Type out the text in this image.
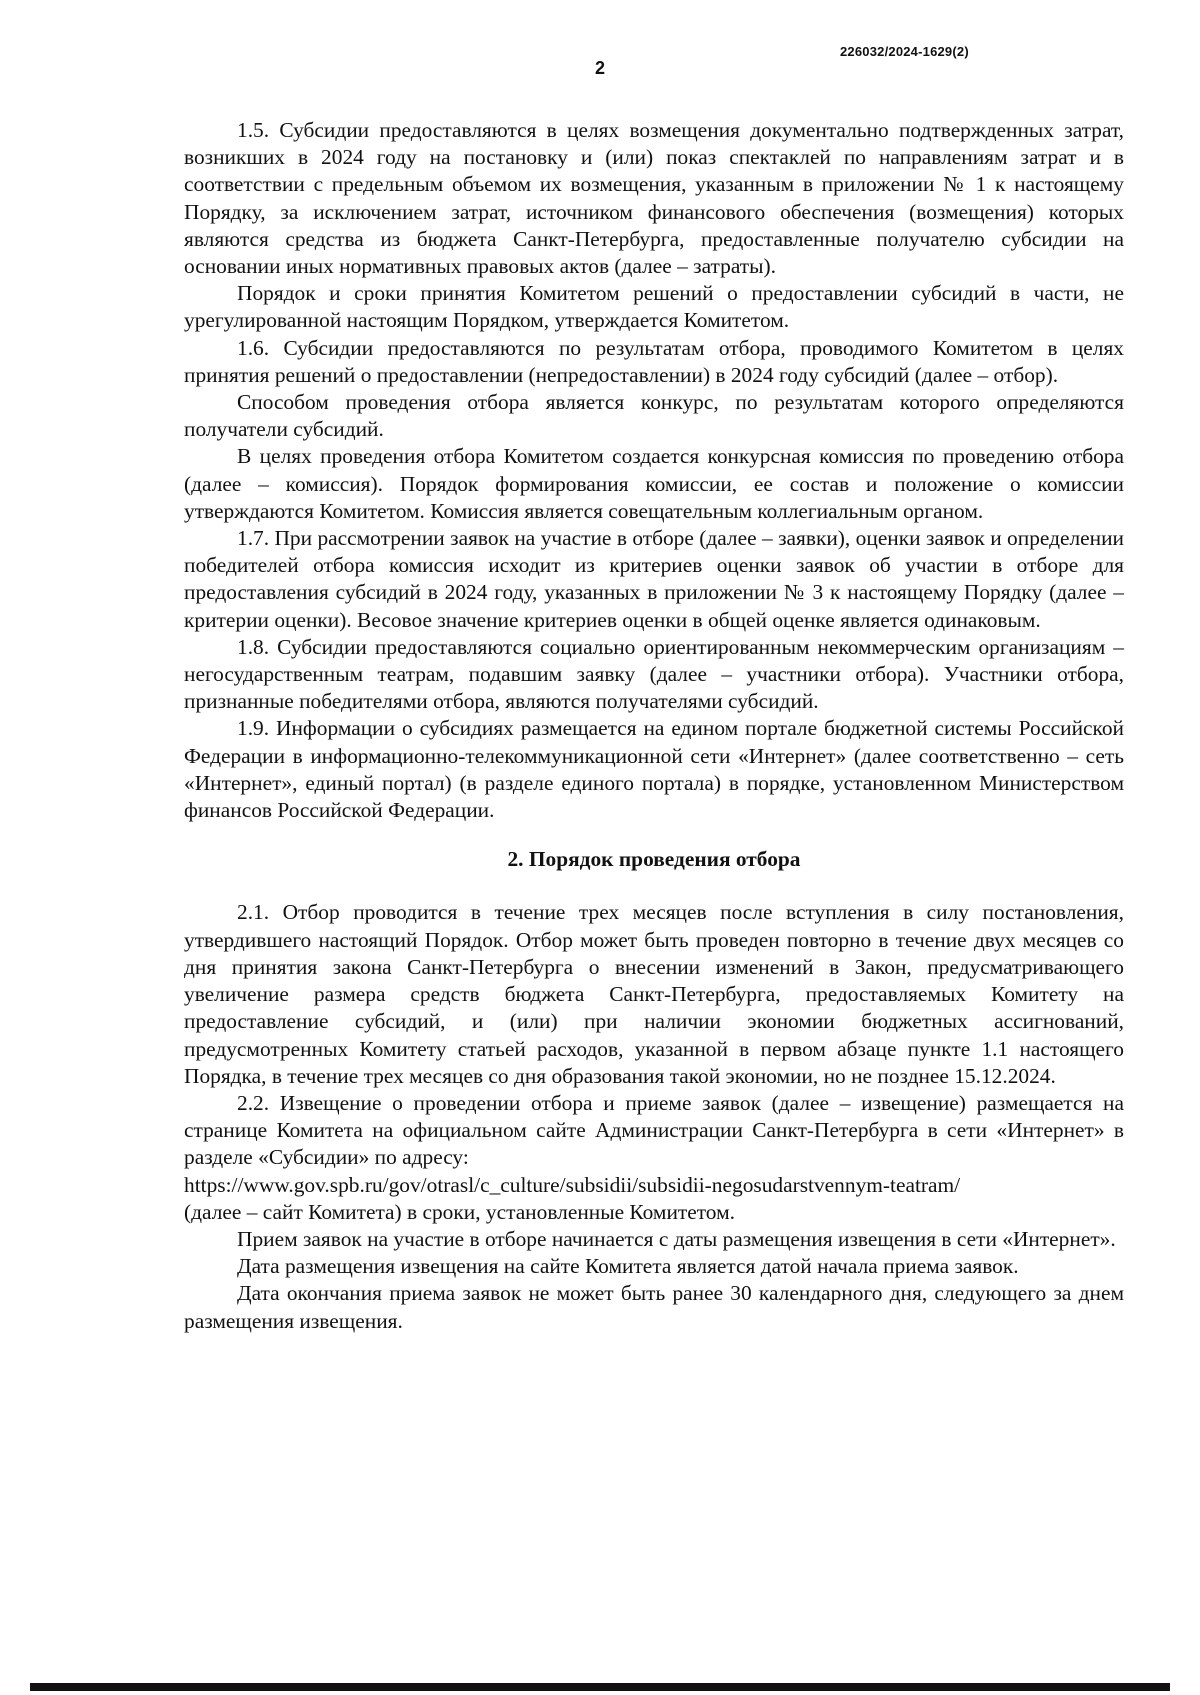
226032/2024-1629(2)
2

1.5. Субсидии предоставляются в целях возмещения документально подтвержденных затрат, возникших в 2024 году на постановку и (или) показ спектаклей по направлениям затрат и в соответствии с предельным объемом их возмещения, указанным в приложении № 1 к настоящему Порядку, за исключением затрат, источником финансового обеспечения (возмещения) которых являются средства из бюджета Санкт-Петербурга, предоставленные получателю субсидии на основании иных нормативных правовых актов (далее – затраты).

Порядок и сроки принятия Комитетом решений о предоставлении субсидий в части, не урегулированной настоящим Порядком, утверждается Комитетом.

1.6. Субсидии предоставляются по результатам отбора, проводимого Комитетом в целях принятия решений о предоставлении (непредоставлении) в 2024 году субсидий (далее – отбор).

Способом проведения отбора является конкурс, по результатам которого определяются получатели субсидий.

В целях проведения отбора Комитетом создается конкурсная комиссия по проведению отбора (далее – комиссия). Порядок формирования комиссии, ее состав и положение о комиссии утверждаются Комитетом. Комиссия является совещательным коллегиальным органом.

1.7. При рассмотрении заявок на участие в отборе (далее – заявки), оценки заявок и определении победителей отбора комиссия исходит из критериев оценки заявок об участии в отборе для предоставления субсидий в 2024 году, указанных в приложении № 3 к настоящему Порядку (далее – критерии оценки). Весовое значение критериев оценки в общей оценке является одинаковым.

1.8. Субсидии предоставляются социально ориентированным некоммерческим организациям – негосударственным театрам, подавшим заявку (далее – участники отбора). Участники отбора, признанные победителями отбора, являются получателями субсидий.

1.9. Информации о субсидиях размещается на едином портале бюджетной системы Российской Федерации в информационно-телекоммуникационной сети «Интернет» (далее соответственно – сеть «Интернет», единый портал) (в разделе единого портала) в порядке, установленном Министерством финансов Российской Федерации.

2. Порядок проведения отбора

2.1. Отбор проводится в течение трех месяцев после вступления в силу постановления, утвердившего настоящий Порядок. Отбор может быть проведен повторно в течение двух месяцев со дня принятия закона Санкт-Петербурга о внесении изменений в Закон, предусматривающего увеличение размера средств бюджета Санкт-Петербурга, предоставляемых Комитету на предоставление субсидий, и (или) при наличии экономии бюджетных ассигнований, предусмотренных Комитету статьей расходов, указанной в первом абзаце пункте 1.1 настоящего Порядка, в течение трех месяцев со дня образования такой экономии, но не позднее 15.12.2024.

2.2. Извещение о проведении отбора и приеме заявок (далее – извещение) размещается на странице Комитета на официальном сайте Администрации Санкт-Петербурга в сети «Интернет» в разделе «Субсидии» по адресу:

https://www.gov.spb.ru/gov/otrasl/c_culture/subsidii/subsidii-negosudarstvennym-teatram/

(далее – сайт Комитета) в сроки, установленные Комитетом.

Прием заявок на участие в отборе начинается с даты размещения извещения в сети «Интернет».

Дата размещения извещения на сайте Комитета является датой начала приема заявок.

Дата окончания приема заявок не может быть ранее 30 календарного дня, следующего за днем размещения извещения.
